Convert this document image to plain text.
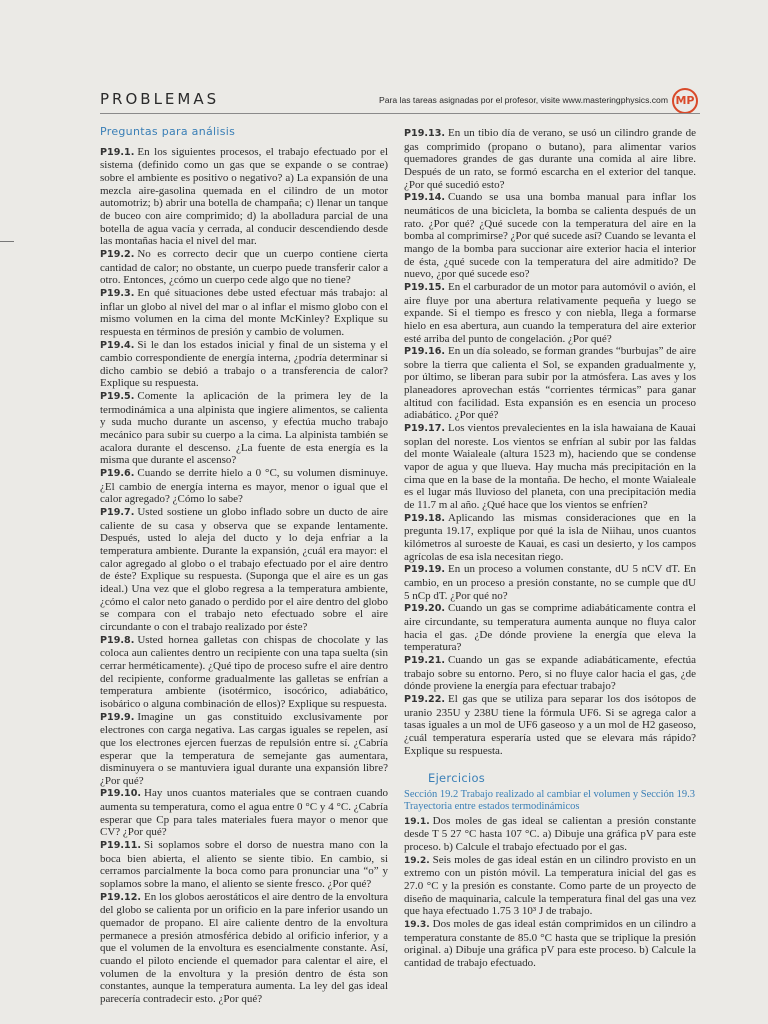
PROBLEMAS	Para las tareas asignadas por el profesor, visite www.masteringphysics.com MP
Preguntas para análisis

P19.1. En los siguientes procesos, el trabajo efectuado por el sistema (definido como un gas que se expande o se contrae) sobre el ambiente es positivo o negativo? a) La expansión de una mezcla aire-gasolina quemada en el cilindro de un motor automotriz; b) abrir una botella de champaña; c) llenar un tanque de buceo con aire comprimido; d) la abolladura parcial de una botella de agua vacía y cerrada, al conducir descendiendo desde las montañas hacia el nivel del mar.

P19.2. No es correcto decir que un cuerpo contiene cierta cantidad de calor; no obstante, un cuerpo puede transferir calor a otro. Entonces, ¿cómo un cuerpo cede algo que no tiene?

P19.3. En qué situaciones debe usted efectuar más trabajo: al inflar un globo al nivel del mar o al inflar el mismo globo con el mismo volumen en la cima del monte McKinley? Explique su respuesta en términos de presión y cambio de volumen.

P19.4. Si le dan los estados inicial y final de un sistema y el cambio correspondiente de energía interna, ¿podría determinar si dicho cambio se debió a trabajo o a transferencia de calor? Explique su respuesta.

P19.5. Comente la aplicación de la primera ley de la termodinámica a una alpinista que ingiere alimentos, se calienta y suda mucho durante un ascenso, y efectúa mucho trabajo mecánico para subir su cuerpo a la cima. La alpinista también se acalora durante el descenso. ¿La fuente de esta energía es la misma que durante el ascenso?

P19.6. Cuando se derrite hielo a 0 °C, su volumen disminuye. ¿El cambio de energía interna es mayor, menor o igual que el calor agregado? ¿Cómo lo sabe?

P19.7. Usted sostiene un globo inflado sobre un ducto de aire caliente de su casa y observa que se expande lentamente. Después, usted lo aleja del ducto y lo deja enfriar a la temperatura ambiente. Durante la expansión, ¿cuál era mayor: el calor agregado al globo o el trabajo efectuado por el aire dentro de éste? Explique su respuesta. (Suponga que el aire es un gas ideal.) Una vez que el globo regresa a la temperatura ambiente, ¿cómo el calor neto ganado o perdido por el aire dentro del globo se compara con el trabajo neto efectuado sobre el aire circundante o con el trabajo realizado por éste?

P19.8. Usted hornea galletas con chispas de chocolate y las coloca aun calientes dentro un recipiente con una tapa suelta (sin cerrar herméticamente). ¿Qué tipo de proceso sufre el aire dentro del recipiente, conforme gradualmente las galletas se enfrían a temperatura ambiente (isotérmico, isocórico, adiabático, isobárico o alguna combinación de ellos)? Explique su respuesta.

P19.9. Imagine un gas constituido exclusivamente por electrones con carga negativa. Las cargas iguales se repelen, así que los electrones ejercen fuerzas de repulsión entre sí. ¿Cabría esperar que la temperatura de semejante gas aumentara, disminuyera o se mantuviera igual durante una expansión libre? ¿Por qué?

P19.10. Hay unos cuantos materiales que se contraen cuando aumenta su temperatura, como el agua entre 0 °C y 4 °C. ¿Cabría esperar que Cp para tales materiales fuera mayor o menor que CV? ¿Por qué?

P19.11. Si soplamos sobre el dorso de nuestra mano con la boca bien abierta, el aliento se siente tibio. En cambio, si cerramos parcialmente la boca como para pronunciar una “o” y soplamos sobre la mano, el aliento se siente fresco. ¿Por qué?

P19.12. En los globos aerostáticos el aire dentro de la envoltura del globo se calienta por un orificio en la pare inferior usando un quemador de propano. El aire caliente dentro de la envoltura permanece a presión atmosférica debido al orificio inferior, y a que el volumen de la envoltura es esencialmente constante. Así, cuando el piloto enciende el quemador para calentar el aire, el volumen de la envoltura y la presión dentro de ésta son constantes, aunque la temperatura aumenta. La ley del gas ideal parecería contradecir esto. ¿Por qué?

P19.13. En un tibio día de verano, se usó un cilindro grande de gas comprimido (propano o butano), para alimentar varios quemadores grandes de gas durante una comida al aire libre. Después de un rato, se formó escarcha en el exterior del tanque. ¿Por qué sucedió esto?

P19.14. Cuando se usa una bomba manual para inflar los neumáticos de una bicicleta, la bomba se calienta después de un rato. ¿Por qué? ¿Qué sucede con la temperatura del aire en la bomba al comprimirse? ¿Por qué sucede así? Cuando se levanta el mango de la bomba para succionar aire exterior hacia el interior de ésta, ¿qué sucede con la temperatura del aire admitido? De nuevo, ¿por qué sucede eso?

P19.15. En el carburador de un motor para automóvil o avión, el aire fluye por una abertura relativamente pequeña y luego se expande. Si el tiempo es fresco y con niebla, llega a formarse hielo en esa abertura, aun cuando la temperatura del aire exterior esté arriba del punto de congelación. ¿Por qué?

P19.16. En un día soleado, se forman grandes “burbujas” de aire sobre la tierra que calienta el Sol, se expanden gradualmente y, por último, se liberan para subir por la atmósfera. Las aves y los planeadores aprovechan estás “corrientes térmicas” para ganar altitud con facilidad. Esta expansión es en esencia un proceso adiabático. ¿Por qué?

P19.17. Los vientos prevalecientes en la isla hawaiana de Kauai soplan del noreste. Los vientos se enfrían al subir por las faldas del monte Waialeale (altura 1523 m), haciendo que se condense vapor de agua y que llueva. Hay mucha más precipitación en la cima que en la base de la montaña. De hecho, el monte Waialeale es el lugar más lluvioso del planeta, con una precipitación media de 11.7 m al año. ¿Qué hace que los vientos se enfríen?

P19.18. Aplicando las mismas consideraciones que en la pregunta 19.17, explique por qué la isla de Niihau, unos cuantos kilómetros al suroeste de Kauai, es casi un desierto, y los campos agrícolas de esa isla necesitan riego.

P19.19. En un proceso a volumen constante, dU 5 nCV dT. En cambio, en un proceso a presión constante, no se cumple que dU 5 nCp dT. ¿Por qué no?

P19.20. Cuando un gas se comprime adiabáticamente contra el aire circundante, su temperatura aumenta aunque no fluya calor hacia el gas. ¿De dónde proviene la energía que eleva la temperatura?

P19.21. Cuando un gas se expande adiabáticamente, efectúa trabajo sobre su entorno. Pero, si no fluye calor hacia el gas, ¿de dónde proviene la energía para efectuar trabajo?

P19.22. El gas que se utiliza para separar los dos isótopos de uranio 235U y 238U tiene la fórmula UF6. Si se agrega calor a tasas iguales a un mol de UF6 gaseoso y a un mol de H2 gaseoso, ¿cuál temperatura esperaría usted que se elevara más rápido? Explique su respuesta.

Ejercicios
Sección 19.2 Trabajo realizado al cambiar el volumen y Sección 19.3 Trayectoria entre estados termodinámicos

19.1. Dos moles de gas ideal se calientan a presión constante desde T 5 27 °C hasta 107 °C. a) Dibuje una gráfica pV para este proceso. b) Calcule el trabajo efectuado por el gas.

19.2. Seis moles de gas ideal están en un cilindro provisto en un extremo con un pistón móvil. La temperatura inicial del gas es 27.0 °C y la presión es constante. Como parte de un proyecto de diseño de maquinaria, calcule la temperatura final del gas una vez que haya efectuado 1.75 3 10³ J de trabajo.

19.3. Dos moles de gas ideal están comprimidos en un cilindro a temperatura constante de 85.0 °C hasta que se triplique la presión original. a) Dibuje una gráfica pV para este proceso. b) Calcule la cantidad de trabajo efectuado.
